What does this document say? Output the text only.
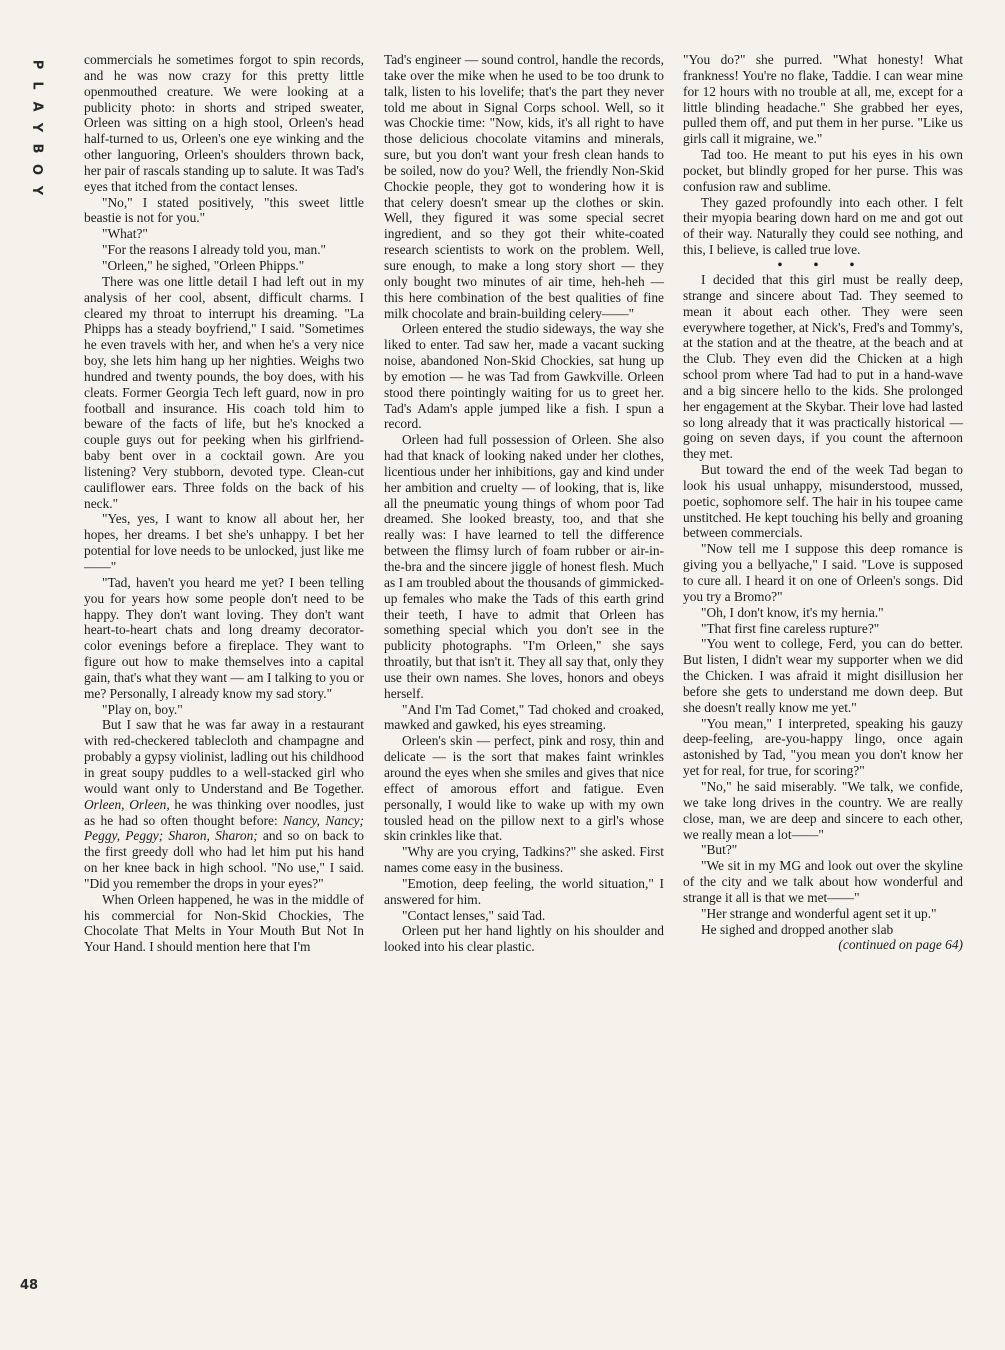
P
L
A
Y
B
O
Y
48

commercials he sometimes forgot to spin records, and he was now crazy for this pretty little openmouthed creature. We were looking at a publicity photo: in shorts and striped sweater, Orleen was sitting on a high stool, Orleen's head half-turned to us, Orleen's one eye winking and the other languoring, Orleen's shoulders thrown back, her pair of rascals standing up to salute. It was Tad's eyes that itched from the contact lenses.

"No," I stated positively, "this sweet little beastie is not for you."

"What?"

"For the reasons I already told you, man."

"Orleen," he sighed, "Orleen Phipps."

There was one little detail I had left out in my analysis of her cool, absent, difficult charms. I cleared my throat to interrupt his dreaming. "La Phipps has a steady boyfriend," I said. "Sometimes he even travels with her, and when he's a very nice boy, she lets him hang up her nighties. Weighs two hundred and twenty pounds, the boy does, with his cleats. Former Georgia Tech left guard, now in pro football and insurance. His coach told him to beware of the facts of life, but he's knocked a couple guys out for peeking when his girlfriend-baby bent over in a cocktail gown. Are you listening? Very stubborn, devoted type. Clean-cut cauliflower ears. Three folds on the back of his neck."

"Yes, yes, I want to know all about her, her hopes, her dreams. I bet she's unhappy. I bet her potential for love needs to be unlocked, just like me ——"

"Tad, haven't you heard me yet? I been telling you for years how some people don't need to be happy. They don't want loving. They don't want heart-to-heart chats and long dreamy decorator-color evenings before a fireplace. They want to figure out how to make themselves into a capital gain, that's what they want — am I talking to you or me? Personally, I already know my sad story."

"Play on, boy."

But I saw that he was far away in a restaurant with red-checkered tablecloth and champagne and probably a gypsy violinist, ladling out his childhood in great soupy puddles to a well-stacked girl who would want only to Understand and Be Together. Orleen, Orleen, he was thinking over noodles, just as he had so often thought before: Nancy, Nancy; Peggy, Peggy; Sharon, Sharon; and so on back to the first greedy doll who had let him put his hand on her knee back in high school. "No use," I said. "Did you remember the drops in your eyes?"

When Orleen happened, he was in the middle of his commercial for Non-Skid Chockies, The Chocolate That Melts in Your Mouth But Not In Your Hand. I should mention here that I'm

Tad's engineer — sound control, handle the records, take over the mike when he used to be too drunk to talk, listen to his lovelife; that's the part they never told me about in Signal Corps school. Well, so it was Chockie time: "Now, kids, it's all right to have those delicious chocolate vitamins and minerals, sure, but you don't want your fresh clean hands to be soiled, now do you? Well, the friendly Non-Skid Chockie people, they got to wondering how it is that celery doesn't smear up the clothes or skin. Well, they figured it was some special secret ingredient, and so they got their white-coated research scientists to work on the problem. Well, sure enough, to make a long story short — they only bought two minutes of air time, heh-heh — this here combination of the best qualities of fine milk chocolate and brain-building celery——"

Orleen entered the studio sideways, the way she liked to enter. Tad saw her, made a vacant sucking noise, abandoned Non-Skid Chockies, sat hung up by emotion — he was Tad from Gawkville. Orleen stood there pointingly waiting for us to greet her. Tad's Adam's apple jumped like a fish. I spun a record.

Orleen had full possession of Orleen. She also had that knack of looking naked under her clothes, licentious under her inhibitions, gay and kind under her ambition and cruelty — of looking, that is, like all the pneumatic young things of whom poor Tad dreamed. She looked breasty, too, and that she really was: I have learned to tell the difference between the flimsy lurch of foam rubber or air-in-the-bra and the sincere jiggle of honest flesh. Much as I am troubled about the thousands of gimmicked-up females who make the Tads of this earth grind their teeth, I have to admit that Orleen has something special which you don't see in the publicity photographs. "I'm Orleen," she says throatily, but that isn't it. They all say that, only they use their own names. She loves, honors and obeys herself.

"And I'm Tad Comet," Tad choked and croaked, mawked and gawked, his eyes streaming.

Orleen's skin — perfect, pink and rosy, thin and delicate — is the sort that makes faint wrinkles around the eyes when she smiles and gives that nice effect of amorous effort and fatigue. Even personally, I would like to wake up with my own tousled head on the pillow next to a girl's whose skin crinkles like that.

"Why are you crying, Tadkins?" she asked. First names come easy in the business.

"Emotion, deep feeling, the world situation," I answered for him.

"Contact lenses," said Tad.

Orleen put her hand lightly on his shoulder and looked into his clear plastic.

"You do?" she purred. "What honesty! What frankness! You're no flake, Taddie. I can wear mine for 12 hours with no trouble at all, me, except for a little blinding headache." She grabbed her eyes, pulled them off, and put them in her purse. "Like us girls call it migraine, we."

Tad too. He meant to put his eyes in his own pocket, but blindly groped for her purse. This was confusion raw and sublime.

They gazed profoundly into each other. I felt their myopia bearing down hard on me and got out of their way. Naturally they could see nothing, and this, I believe, is called true love.

• • •

I decided that this girl must be really deep, strange and sincere about Tad. They seemed to mean it about each other. They were seen everywhere together, at Nick's, Fred's and Tommy's, at the station and at the theatre, at the beach and at the Club. They even did the Chicken at a high school prom where Tad had to put in a hand-wave and a big sincere hello to the kids. She prolonged her engagement at the Skybar. Their love had lasted so long already that it was practically historical — going on seven days, if you count the afternoon they met.

But toward the end of the week Tad began to look his usual unhappy, misunderstood, mussed, poetic, sophomore self. The hair in his toupee came unstitched. He kept touching his belly and groaning between commercials.

"Now tell me I suppose this deep romance is giving you a bellyache," I said. "Love is supposed to cure all. I heard it on one of Orleen's songs. Did you try a Bromo?"

"Oh, I don't know, it's my hernia."

"That first fine careless rupture?"

"You went to college, Ferd, you can do better. But listen, I didn't wear my supporter when we did the Chicken. I was afraid it might disillusion her before she gets to understand me down deep. But she doesn't really know me yet."

"You mean," I interpreted, speaking his gauzy deep-feeling, are-you-happy lingo, once again astonished by Tad, "you mean you don't know her yet for real, for true, for scoring?"

"No," he said miserably. "We talk, we confide, we take long drives in the country. We are really close, man, we are deep and sincere to each other, we really mean a lot——"

"But?"

"We sit in my MG and look out over the skyline of the city and we talk about how wonderful and strange it all is that we met——"

"Her strange and wonderful agent set it up."

He sighed and dropped another slab

(continued on page 64)
